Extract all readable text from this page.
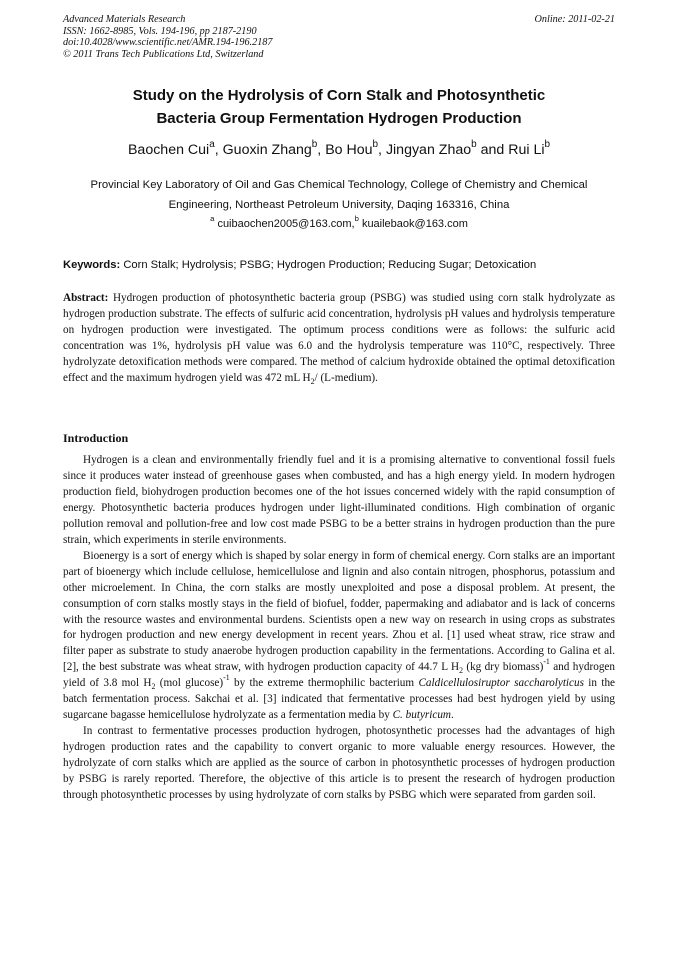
Advanced Materials Research
ISSN: 1662-8985, Vols. 194-196, pp 2187-2190
doi:10.4028/www.scientific.net/AMR.194-196.2187
© 2011 Trans Tech Publications Ltd, Switzerland
Online: 2011-02-21
Study on the Hydrolysis of Corn Stalk and Photosynthetic
Bacteria Group Fermentation Hydrogen Production
Baochen Cui$^a$, Guoxin Zhang$^b$, Bo Hou$^b$, Jingyan Zhao$^b$ and Rui Li$^b$
Provincial Key Laboratory of Oil and Gas Chemical Technology, College of Chemistry and Chemical
Engineering, Northeast Petroleum University, Daqing 163316, China
$^a$ cuibaochen2005@163.com,$^b$ kuailebaok@163.com
Keywords: Corn Stalk; Hydrolysis; PSBG; Hydrogen Production; Reducing Sugar; Detoxication
Abstract: Hydrogen production of photosynthetic bacteria group (PSBG) was studied using corn stalk hydrolyzate as hydrogen production substrate. The effects of sulfuric acid concentration, hydrolysis pH values and hydrolysis temperature on hydrogen production were investigated. The optimum process conditions were as follows: the sulfuric acid concentration was 1%, hydrolysis pH value was 6.0 and the hydrolysis temperature was 110°C, respectively. Three hydrolyzate detoxification methods were compared. The method of calcium hydroxide obtained the optimal detoxification effect and the maximum hydrogen yield was 472 mL $H_2/$ (L-medium).
Introduction

Hydrogen is a clean and environmentally friendly fuel and it is a promising alternative to conventional fossil fuels since it produces water instead of greenhouse gases when combusted, and has a high energy yield. In modern hydrogen production field, biohydrogen production becomes one of the hot issues concerned widely with the rapid consumption of energy. Photosynthetic bacteria produces hydrogen under light-illuminated conditions. High combination of organic pollution removal and pollution-free and low cost made PSBG to be a better strains in hydrogen production than the pure strain, which experiments in sterile environments.

Bioenergy is a sort of energy which is shaped by solar energy in form of chemical energy. Corn stalks are an important part of bioenergy which include cellulose, hemicellulose and lignin and also contain nitrogen, phosphorus, potassium and other microelement. In China, the corn stalks are mostly unexploited and pose a disposal problem. At present, the consumption of corn stalks mostly stays in the field of biofuel, fodder, papermaking and adiabator and is lack of concerns with the resource wastes and environmental burdens. Scientists open a new way on research in using crops as substrates for hydrogen production and new energy development in recent years. Zhou et al. [1] used wheat straw, rice straw and filter paper as substrate to study anaerobe hydrogen production capability in the fermentations. According to Galina et al. [2], the best substrate was wheat straw, with hydrogen production capacity of 44.7 L $H_2$ (kg dry biomass)$^{-1}$ and hydrogen yield of 3.8 mol $H_2$ (mol glucose)$^{-1}$ by the extreme thermophilic bacterium Caldicellulosiruptor saccharolyticus in the batch fermentation process. Sakchai et al. [3] indicated that fermentative processes had best hydrogen yield by using sugarcane bagasse hemicellulose hydrolyzate as a fermentation media by C. butyricum.

In contrast to fermentative processes production hydrogen, photosynthetic processes had the advantages of high hydrogen production rates and the capability to convert organic to more valuable energy resources. However, the hydrolyzate of corn stalks which are applied as the source of carbon in photosynthetic processes of hydrogen production by PSBG is rarely reported. Therefore, the objective of this article is to present the research of hydrogen production through photosynthetic processes by using hydrolyzate of corn stalks by PSBG which were separated from garden soil.
